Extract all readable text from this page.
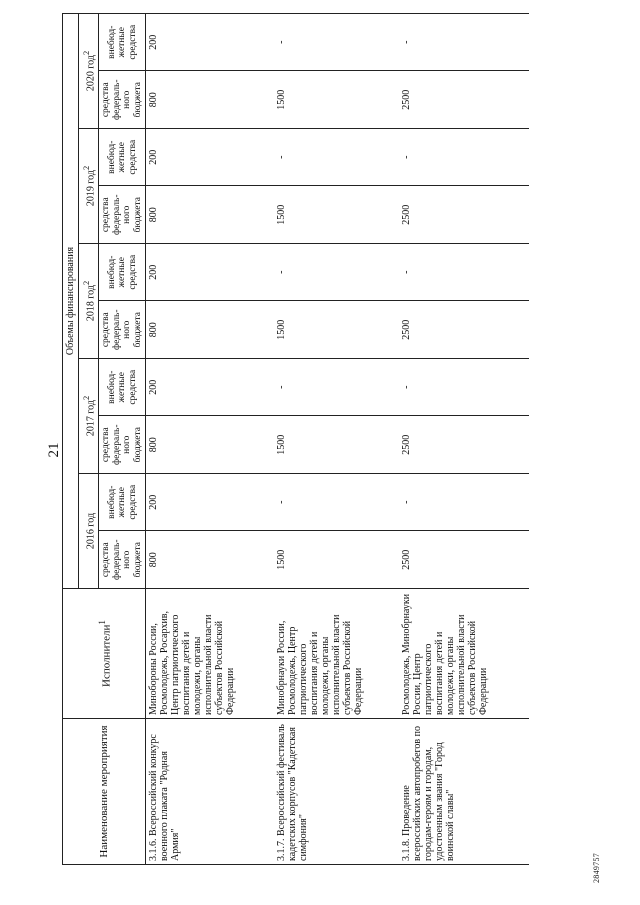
21
2849757
Наименование мероприятия	Исполнители$^1$	Объемы финансирования									
		2016 год		2017 год$^2$		2018 год$^2$		2019 год$^2$		2020 год$^2$
		средства федераль-ного бюджета	внебюд-жетные средства	средства федераль-ного бюджета	внебюд-жетные средства	средства федераль-ного бюджета	внебюд-жетные средства	средства федераль-ного бюджета	внебюд-жетные средства	средства федераль-ного бюджета	внебюд-жетные средства
3.1.6. Всероссийский конкурс военного плаката "Родная Армия"	Минобороны России, Росмолодежь, Росархив, Центр патриотического воспитания детей и молодежи, органы исполнительной власти субъектов Российской Федерации	800	200	800	200	800	200	800	200	800	200
3.1.7. Всероссийский фестиваль кадетских корпусов "Кадетская симфония"	Минобрнауки России, Росмолодежь, Центр патриотического воспитания детей и молодежи, органы исполнительной власти субъектов Российской Федерации	1500	-	1500	-	1500	-	1500	-	1500	-
3.1.8. Проведение всероссийских автопробегов по городам-героям и городам, удостоенным звания "Город воинской славы"	Росмолодежь, Минобрнауки России, Центр патриотического воспитания детей и молодежи, органы исполнительной власти субъектов Российской Федерации	2500	-	2500	-	2500	-	2500	-	2500	-
